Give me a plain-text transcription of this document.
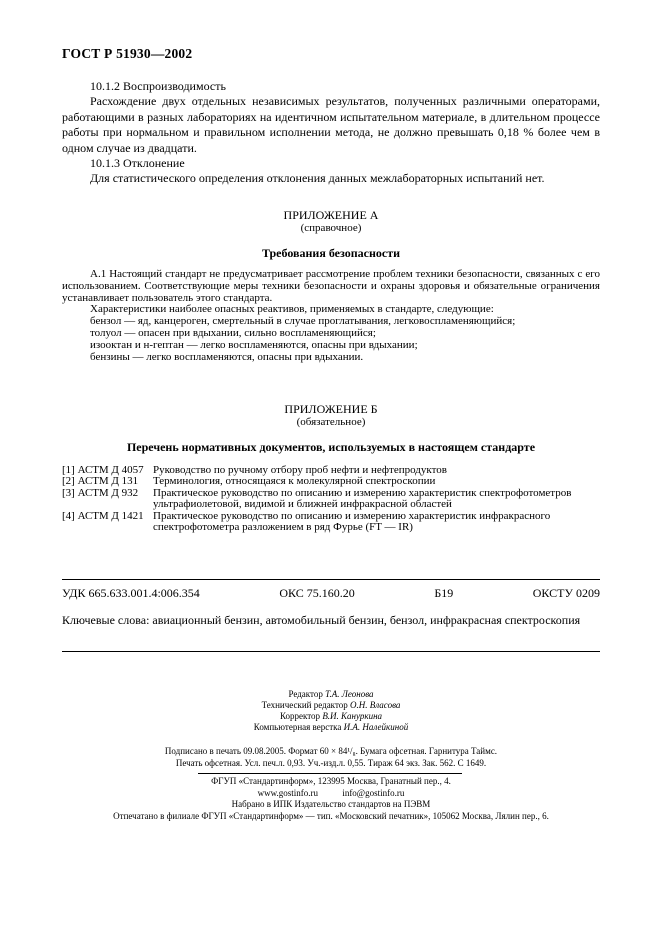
ГОСТ Р 51930—2002

10.1.2 Воспроизводимость

Расхождение двух отдельных независимых результатов, полученных различными операторами, работающими в разных лабораториях на идентичном испытательном материале, в длительном процессе работы при нормальном и правильном исполнении метода, не должно превышать 0,18 % более чем в одном случае из двадцати.

10.1.3 Отклонение

Для статистического определения отклонения данных межлабораторных испытаний нет.

ПРИЛОЖЕНИЕ А
(справочное)
Требования безопасности

А.1 Настоящий стандарт не предусматривает рассмотрение проблем техники безопасности, связанных с его использованием. Соответствующие меры техники безопасности и охраны здоровья и обязательные ограничения устанавливает пользователь этого стандарта.

Характеристики наиболее опасных реактивов, применяемых в стандарте, следующие:

бензол — яд, канцероген, смертельный в случае проглатывания, легковоспламеняющийся;

толуол — опасен при вдыхании, сильно воспламеняющийся;

изооктан и н-гептан — легко воспламеняются, опасны при вдыхании;

бензины — легко воспламеняются, опасны при вдыхании.

ПРИЛОЖЕНИЕ Б
(обязательное)
Перечень нормативных документов, используемых в настоящем стандарте
[1] АСТМ Д 4057 Руководство по ручному отбору проб нефти и нефтепродуктов
[2] АСТМ Д 131	Терминология, относящаяся к молекулярной спектроскопии
[3] АСТМ Д 932	Практическое руководство по описанию и измерению характеристик спектрофотометров ультрафиолетовой, видимой и ближней инфракрасной областей
[4] АСТМ Д 1421 Практическое руководство по описанию и измерению характеристик инфракрасного спектрофотометра разложением в ряд Фурье (FT — IR)
УДК 665.633.001.4:006.354	ОКС 75.160.20	Б19	ОКСТУ 0209
Ключевые слова: авиационный бензин, автомобильный бензин, бензол, инфракрасная спектроскопия

Редактор Т.А. Леонова

Технический редактор О.Н. Власова

Корректор В.И. Кануркина

Компьютерная верстка И.А. Налейкиной

Подписано в печать 09.08.2005. Формат 60 × 84¹/₈. Бумага офсетная. Гарнитура Таймс.

Печать офсетная. Усл. печ.л. 0,93. Уч.-изд.л. 0,55. Тираж 64 экз. Зак. 562. С 1649.

ФГУП «Стандартинформ», 123995 Москва, Гранатный пер., 4.

www.gostinfo.ru	info@gostinfo.ru

Набрано в ИПК Издательство стандартов на ПЭВМ

Отпечатано в филиале ФГУП «Стандартинформ» — тип. «Московский печатник», 105062 Москва, Лялин пер., 6.
